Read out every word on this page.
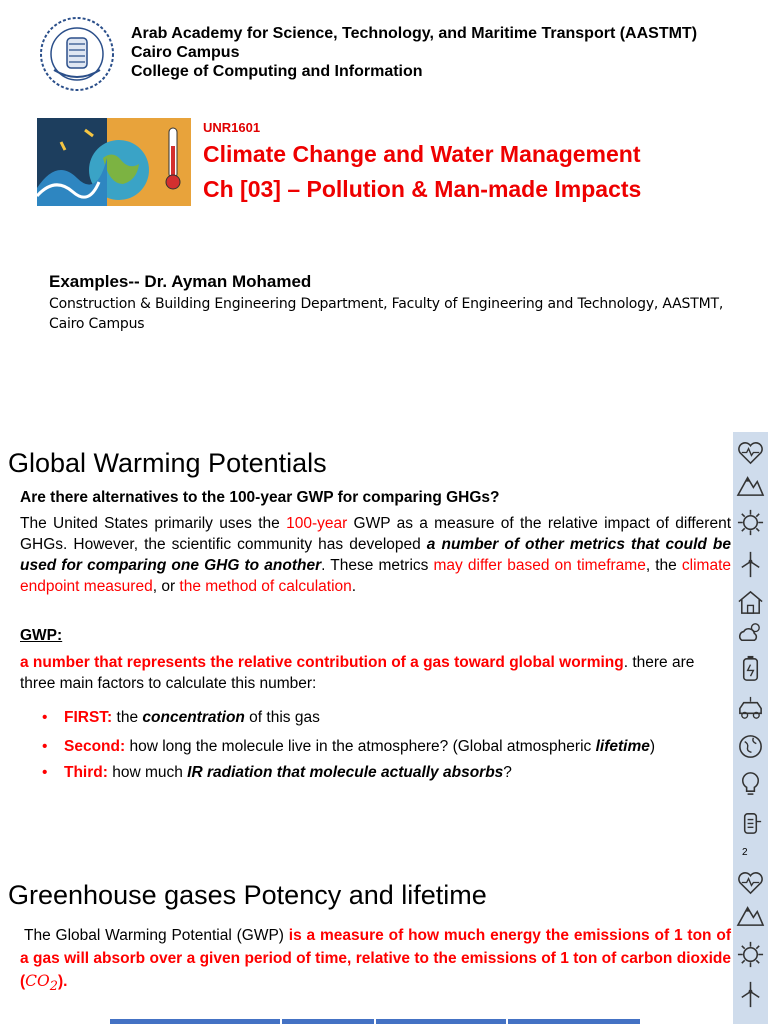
Arab Academy for Science, Technology, and Maritime Transport (AASTMT)
Cairo Campus
College of Computing and Information
UNR1601
Climate Change and Water Management
Ch [03] – Pollution & Man-made Impacts
Examples-- Dr. Ayman Mohamed
Construction & Building Engineering Department, Faculty of Engineering and Technology, AASTMT, Cairo Campus
Global Warming Potentials
Are there alternatives to the 100-year GWP for comparing GHGs?
The United States primarily uses the 100-year GWP as a measure of the relative impact of different GHGs. However, the scientific community has developed a number of other metrics that could be used for comparing one GHG to another. These metrics may differ based on timeframe, the climate endpoint measured, or the method of calculation.
GWP:
a number that represents the relative contribution of a gas toward global worming. there are three main factors to calculate this number:
• FIRST: the concentration of this gas
• Second: how long the molecule live in the atmosphere? (Global atmospheric lifetime)
• Third: how much IR radiation that molecule actually absorbs?
2
Greenhouse gases Potency and lifetime
The Global Warming Potential (GWP) is a measure of how much energy the emissions of 1 ton of a gas will absorb over a given period of time, relative to the emissions of 1 ton of carbon dioxide $(CO_2)$.
